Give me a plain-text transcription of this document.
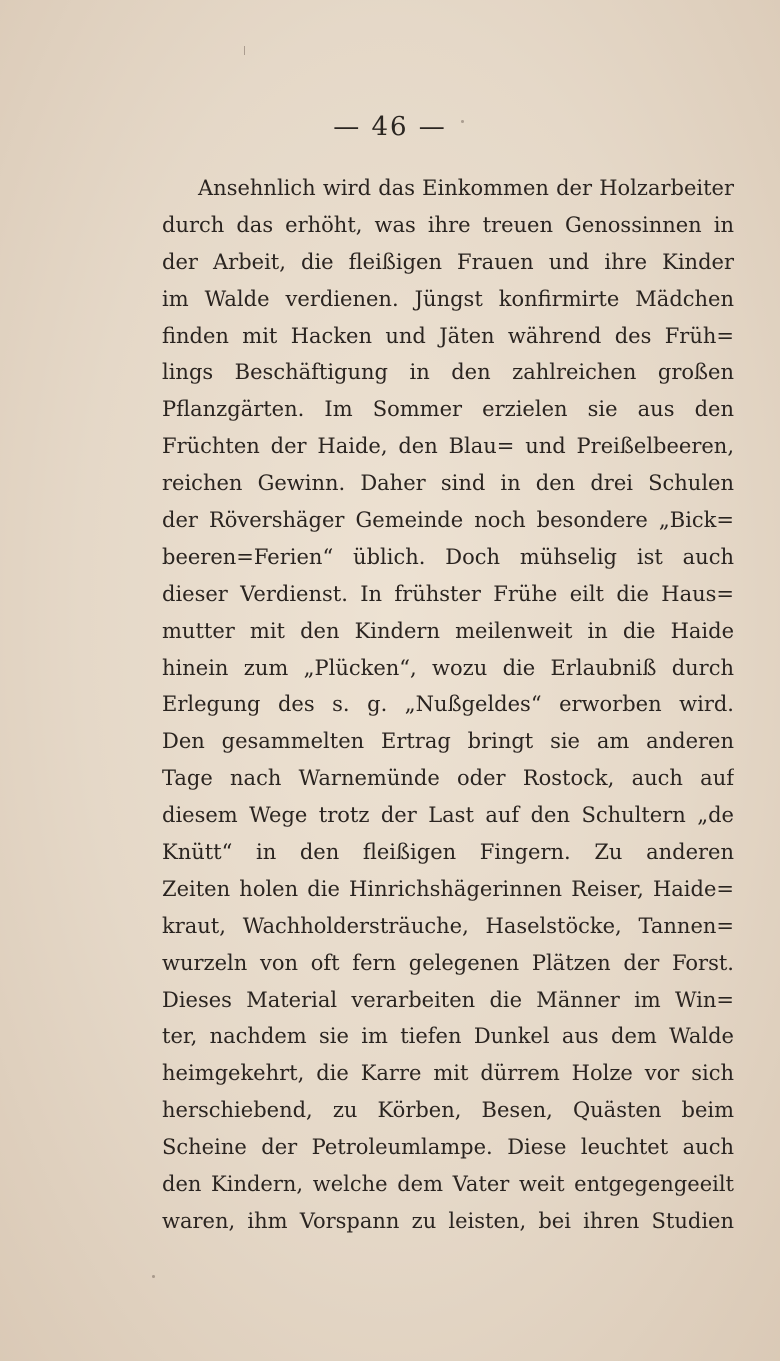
— 46 —
Ansehnlich wird das Einkommen der Holzarbeiter
durch das erhöht, was ihre treuen Genossinnen in
der Arbeit, die fleißigen Frauen und ihre Kinder
im Walde verdienen. Jüngst konfirmirte Mädchen
finden mit Hacken und Jäten während des Früh=
lings Beschäftigung in den zahlreichen großen
Pflanzgärten. Im Sommer erzielen sie aus den
Früchten der Haide, den Blau= und Preißelbeeren,
reichen Gewinn. Daher sind in den drei Schulen
der Rövershäger Gemeinde noch besondere „Bick=
beeren=Ferien“ üblich. Doch mühselig ist auch
dieser Verdienst. In frühster Frühe eilt die Haus=
mutter mit den Kindern meilenweit in die Haide
hinein zum „Plücken“, wozu die Erlaubniß durch
Erlegung des s. g. „Nußgeldes“ erworben wird.
Den gesammelten Ertrag bringt sie am anderen
Tage nach Warnemünde oder Rostock, auch auf
diesem Wege trotz der Last auf den Schultern „de
Knütt“ in den fleißigen Fingern. Zu anderen
Zeiten holen die Hinrichshägerinnen Reiser, Haide=
kraut, Wachholdersträuche, Haselstöcke, Tannen=
wurzeln von oft fern gelegenen Plätzen der Forst.
Dieses Material verarbeiten die Männer im Win=
ter, nachdem sie im tiefen Dunkel aus dem Walde
heimgekehrt, die Karre mit dürrem Holze vor sich
herschiebend, zu Körben, Besen, Quästen beim
Scheine der Petroleumlampe. Diese leuchtet auch
den Kindern, welche dem Vater weit entgegengeeilt
waren, ihm Vorspann zu leisten, bei ihren Studien
